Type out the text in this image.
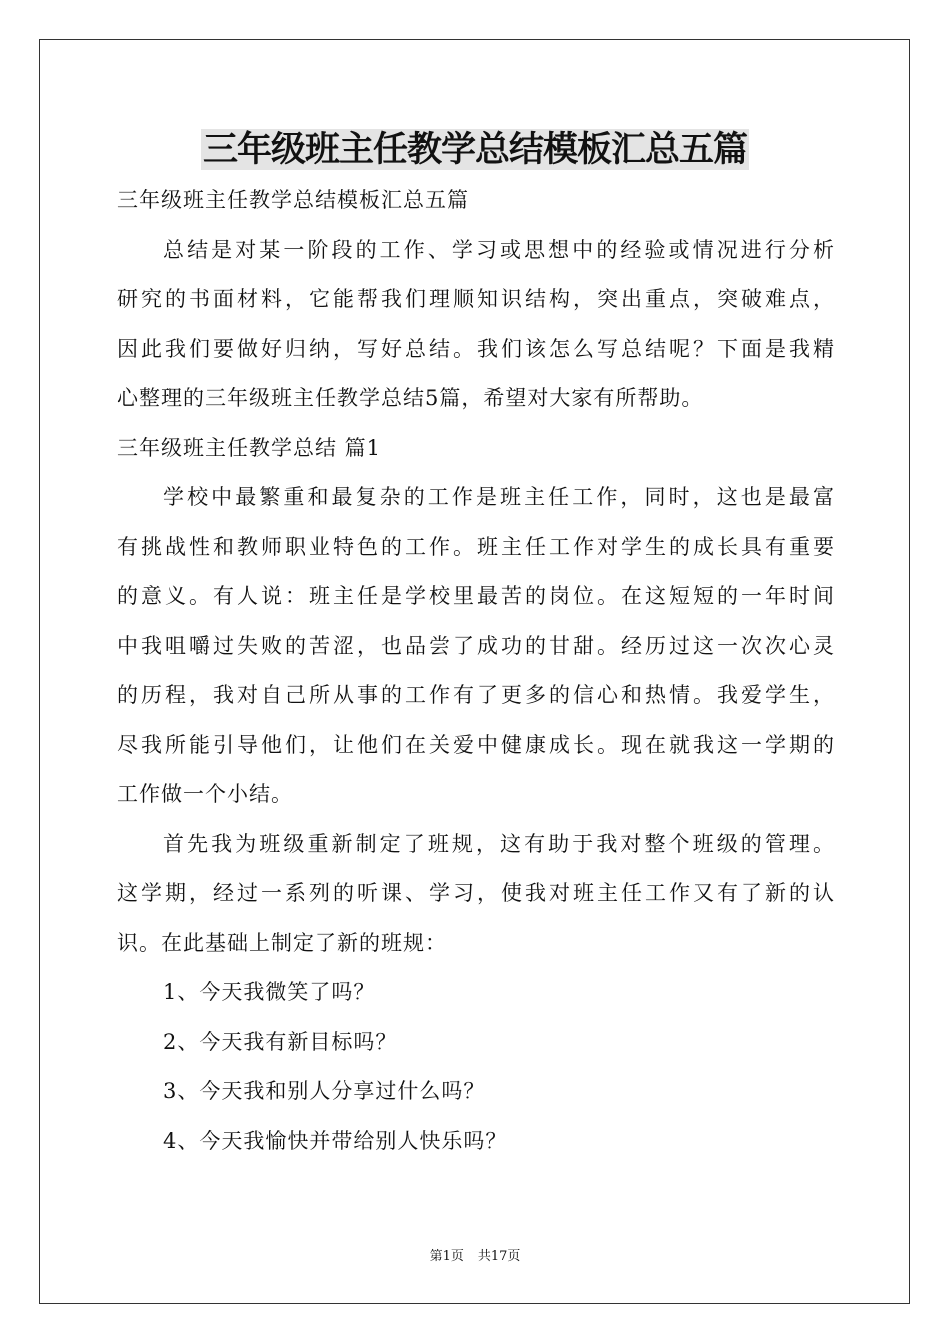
三年级班主任教学总结模板汇总五篇

三年级班主任教学总结模板汇总五篇

总结是对某一阶段的工作、学习或思想中的经验或情况进行分析

研究的书面材料，它能帮我们理顺知识结构，突出重点，突破难点，

因此我们要做好归纳，写好总结。我们该怎么写总结呢？下面是我精

心整理的三年级班主任教学总结5篇，希望对大家有所帮助。

三年级班主任教学总结 篇1

学校中最繁重和最复杂的工作是班主任工作，同时，这也是最富

有挑战性和教师职业特色的工作。班主任工作对学生的成长具有重要

的意义。有人说：班主任是学校里最苦的岗位。在这短短的一年时间

中我咀嚼过失败的苦涩，也品尝了成功的甘甜。经历过这一次次心灵

的历程，我对自己所从事的工作有了更多的信心和热情。我爱学生，

尽我所能引导他们，让他们在关爱中健康成长。现在就我这一学期的

工作做一个小结。

首先我为班级重新制定了班规，这有助于我对整个班级的管理。

这学期，经过一系列的听课、学习，使我对班主任工作又有了新的认

识。在此基础上制定了新的班规：

1、今天我微笑了吗？

2、今天我有新目标吗？

3、今天我和别人分享过什么吗？

4、今天我愉快并带给别人快乐吗？

第1页 共17页
